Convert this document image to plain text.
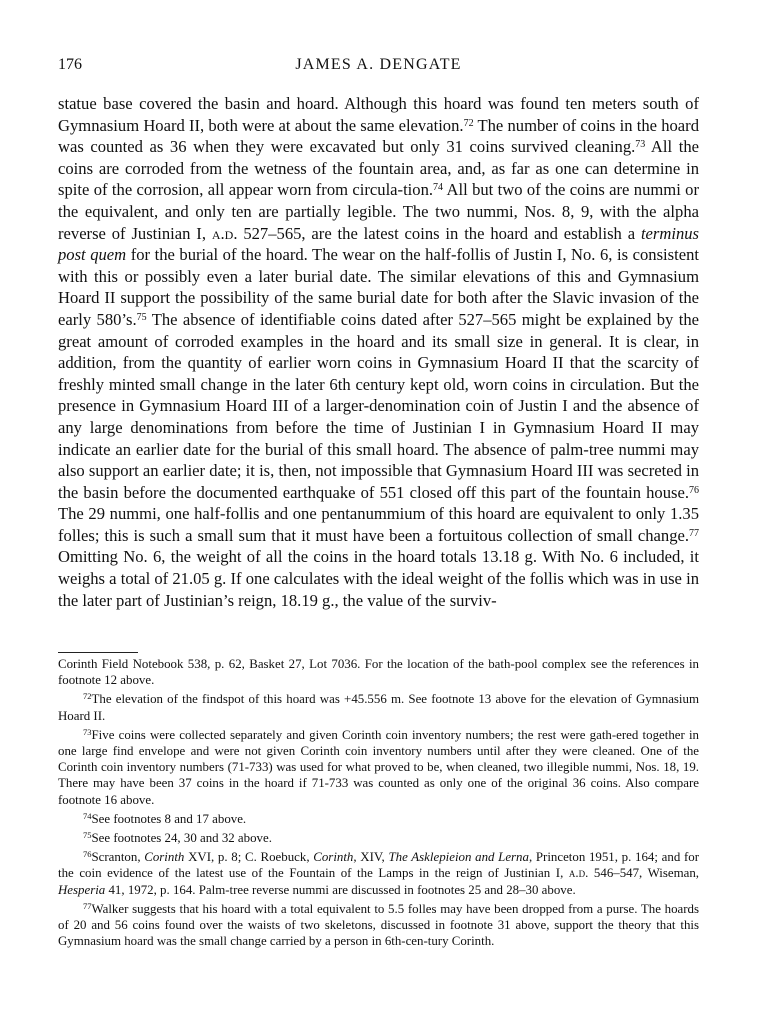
176	JAMES A. DENGATE

statue base covered the basin and hoard. Although this hoard was found ten meters south of Gymnasium Hoard II, both were at about the same elevation.$^{72}$ The number of coins in the hoard was counted as 36 when they were excavated but only 31 coins survived cleaning.$^{73}$ All the coins are corroded from the wetness of the fountain area, and, as far as one can determine in spite of the corrosion, all appear worn from circula-tion.$^{74}$ All but two of the coins are nummi or the equivalent, and only ten are partially legible. The two nummi, Nos. 8, 9, with the alpha reverse of Justinian I, a.d. 527–565, are the latest coins in the hoard and establish a terminus post quem for the burial of the hoard. The wear on the half-follis of Justin I, No. 6, is consistent with this or possibly even a later burial date. The similar elevations of this and Gymnasium Hoard II support the possibility of the same burial date for both after the Slavic invasion of the early 580’s.$^{75}$ The absence of identifiable coins dated after 527–565 might be explained by the great amount of corroded examples in the hoard and its small size in general. It is clear, in addition, from the quantity of earlier worn coins in Gymnasium Hoard II that the scarcity of freshly minted small change in the later 6th century kept old, worn coins in circulation. But the presence in Gymnasium Hoard III of a larger-denomination coin of Justin I and the absence of any large denominations from before the time of Justinian I in Gymnasium Hoard II may indicate an earlier date for the burial of this small hoard. The absence of palm-tree nummi may also support an earlier date; it is, then, not impossible that Gymnasium Hoard III was secreted in the basin before the documented earthquake of 551 closed off this part of the fountain house.$^{76}$ The 29 nummi, one half-follis and one pentanummium of this hoard are equivalent to only 1.35 folles; this is such a small sum that it must have been a fortuitous collection of small change.$^{77}$ Omitting No. 6, the weight of all the coins in the hoard totals 13.18 g. With No. 6 included, it weighs a total of 21.05 g. If one calculates with the ideal weight of the follis which was in use in the later part of Justinian’s reign, 18.19 g., the value of the surviv-

Corinth Field Notebook 538, p. 62, Basket 27, Lot 7036. For the location of the bath-pool complex see the references in footnote 12 above.

$^{72}$The elevation of the findspot of this hoard was +45.556 m. See footnote 13 above for the elevation of Gymnasium Hoard II.

$^{73}$Five coins were collected separately and given Corinth coin inventory numbers; the rest were gath-ered together in one large find envelope and were not given Corinth coin inventory numbers until after they were cleaned. One of the Corinth coin inventory numbers (71-733) was used for what proved to be, when cleaned, two illegible nummi, Nos. 18, 19. There may have been 37 coins in the hoard if 71-733 was counted as only one of the original 36 coins. Also compare footnote 16 above.

$^{74}$See footnotes 8 and 17 above.

$^{75}$See footnotes 24, 30 and 32 above.

$^{76}$Scranton, Corinth XVI, p. 8; C. Roebuck, Corinth, XIV, The Asklepieion and Lerna, Princeton 1951, p. 164; and for the coin evidence of the latest use of the Fountain of the Lamps in the reign of Justinian I, a.d. 546–547, Wiseman, Hesperia 41, 1972, p. 164. Palm-tree reverse nummi are discussed in footnotes 25 and 28–30 above.

$^{77}$Walker suggests that his hoard with a total equivalent to 5.5 folles may have been dropped from a purse. The hoards of 20 and 56 coins found over the waists of two skeletons, discussed in footnote 31 above, support the theory that this Gymnasium hoard was the small change carried by a person in 6th-cen-tury Corinth.
